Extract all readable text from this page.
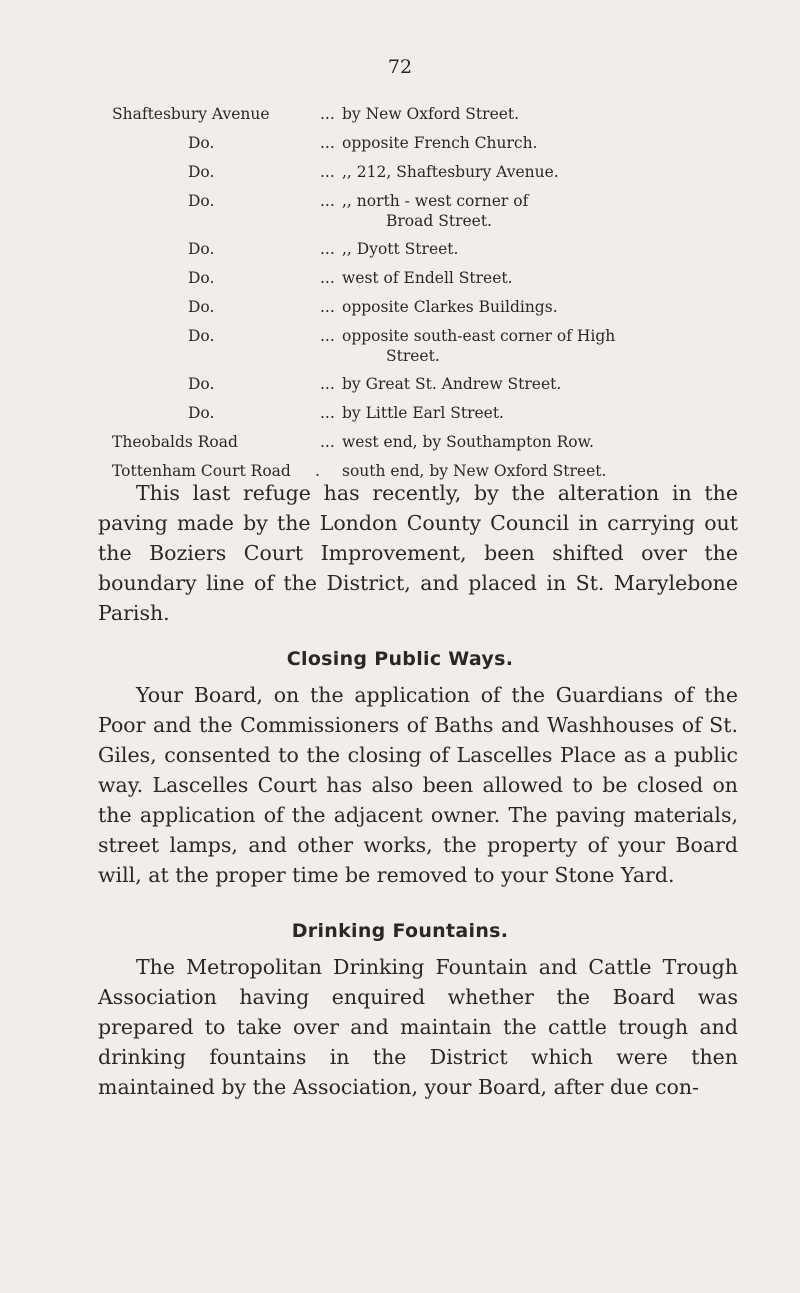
72
Shaftesbury Avenue	... by New Oxford Street.
Do.	... opposite French Church.
Do.	... ,, 212, Shaftesbury Avenue.
Do.	... ,, north - west corner of
Broad Street.
Do.	... ,, Dyott Street.
Do.	... west of Endell Street.
Do.	... opposite Clarkes Buildings.
Do.	... opposite south-east corner of High
Street.
Do.	... by Great St. Andrew Street.
Do.	... by Little Earl Street.
Theobalds Road	... west end, by Southampton Row.
Tottenham Court Road . south end, by New Oxford Street.

This last refuge has recently, by the alteration in the paving made by the London County Council in carrying out the Boziers Court Improvement, been shifted over the boundary line of the District, and placed in St. Marylebone Parish.

Closing Public Ways.

Your Board, on the application of the Guardians of the Poor and the Commissioners of Baths and Washhouses of St. Giles, consented to the closing of Lascelles Place as a public way. Lascelles Court has also been allowed to be closed on the application of the adjacent owner. The paving materials, street lamps, and other works, the property of your Board will, at the proper time be removed to your Stone Yard.

Drinking Fountains.

The Metropolitan Drinking Fountain and Cattle Trough Association having enquired whether the Board was prepared to take over and maintain the cattle trough and drinking fountains in the District which were then maintained by the Association, your Board, after due con-
